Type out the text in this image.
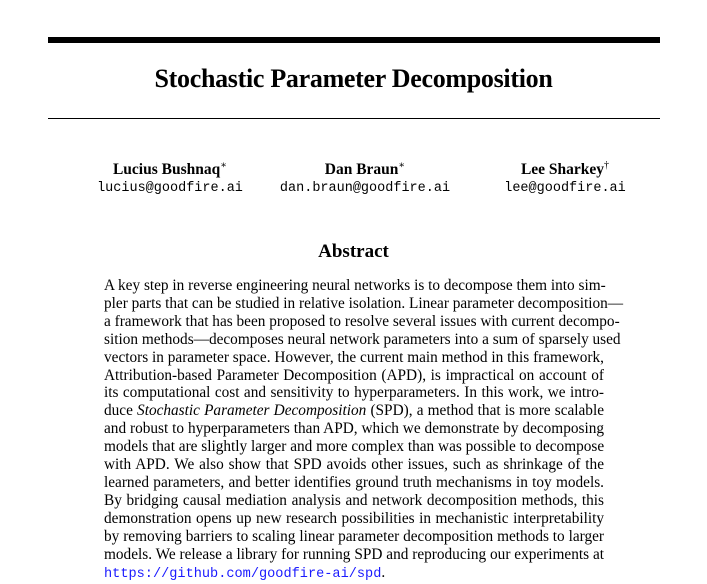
Stochastic Parameter Decomposition
Lucius Bushnaq∗
lucius@goodfire.ai
Dan Braun∗
dan.braun@goodfire.ai
Lee Sharkey†
lee@goodfire.ai
Abstract
A key step in reverse engineering neural networks is to decompose them into sim-
pler parts that can be studied in relative isolation. Linear parameter decomposition—
a framework that has been proposed to resolve several issues with current decompo-
sition methods—decomposes neural network parameters into a sum of sparsely used
vectors in parameter space. However, the current main method in this framework,
Attribution-based Parameter Decomposition (APD), is impractical on account of
its computational cost and sensitivity to hyperparameters. In this work, we intro-
duce Stochastic Parameter Decomposition (SPD), a method that is more scalable
and robust to hyperparameters than APD, which we demonstrate by decomposing
models that are slightly larger and more complex than was possible to decompose
with APD. We also show that SPD avoids other issues, such as shrinkage of the
learned parameters, and better identifies ground truth mechanisms in toy models.
By bridging causal mediation analysis and network decomposition methods, this
demonstration opens up new research possibilities in mechanistic interpretability
by removing barriers to scaling linear parameter decomposition methods to larger
models. We release a library for running SPD and reproducing our experiments at
https://github.com/goodfire-ai/spd.
